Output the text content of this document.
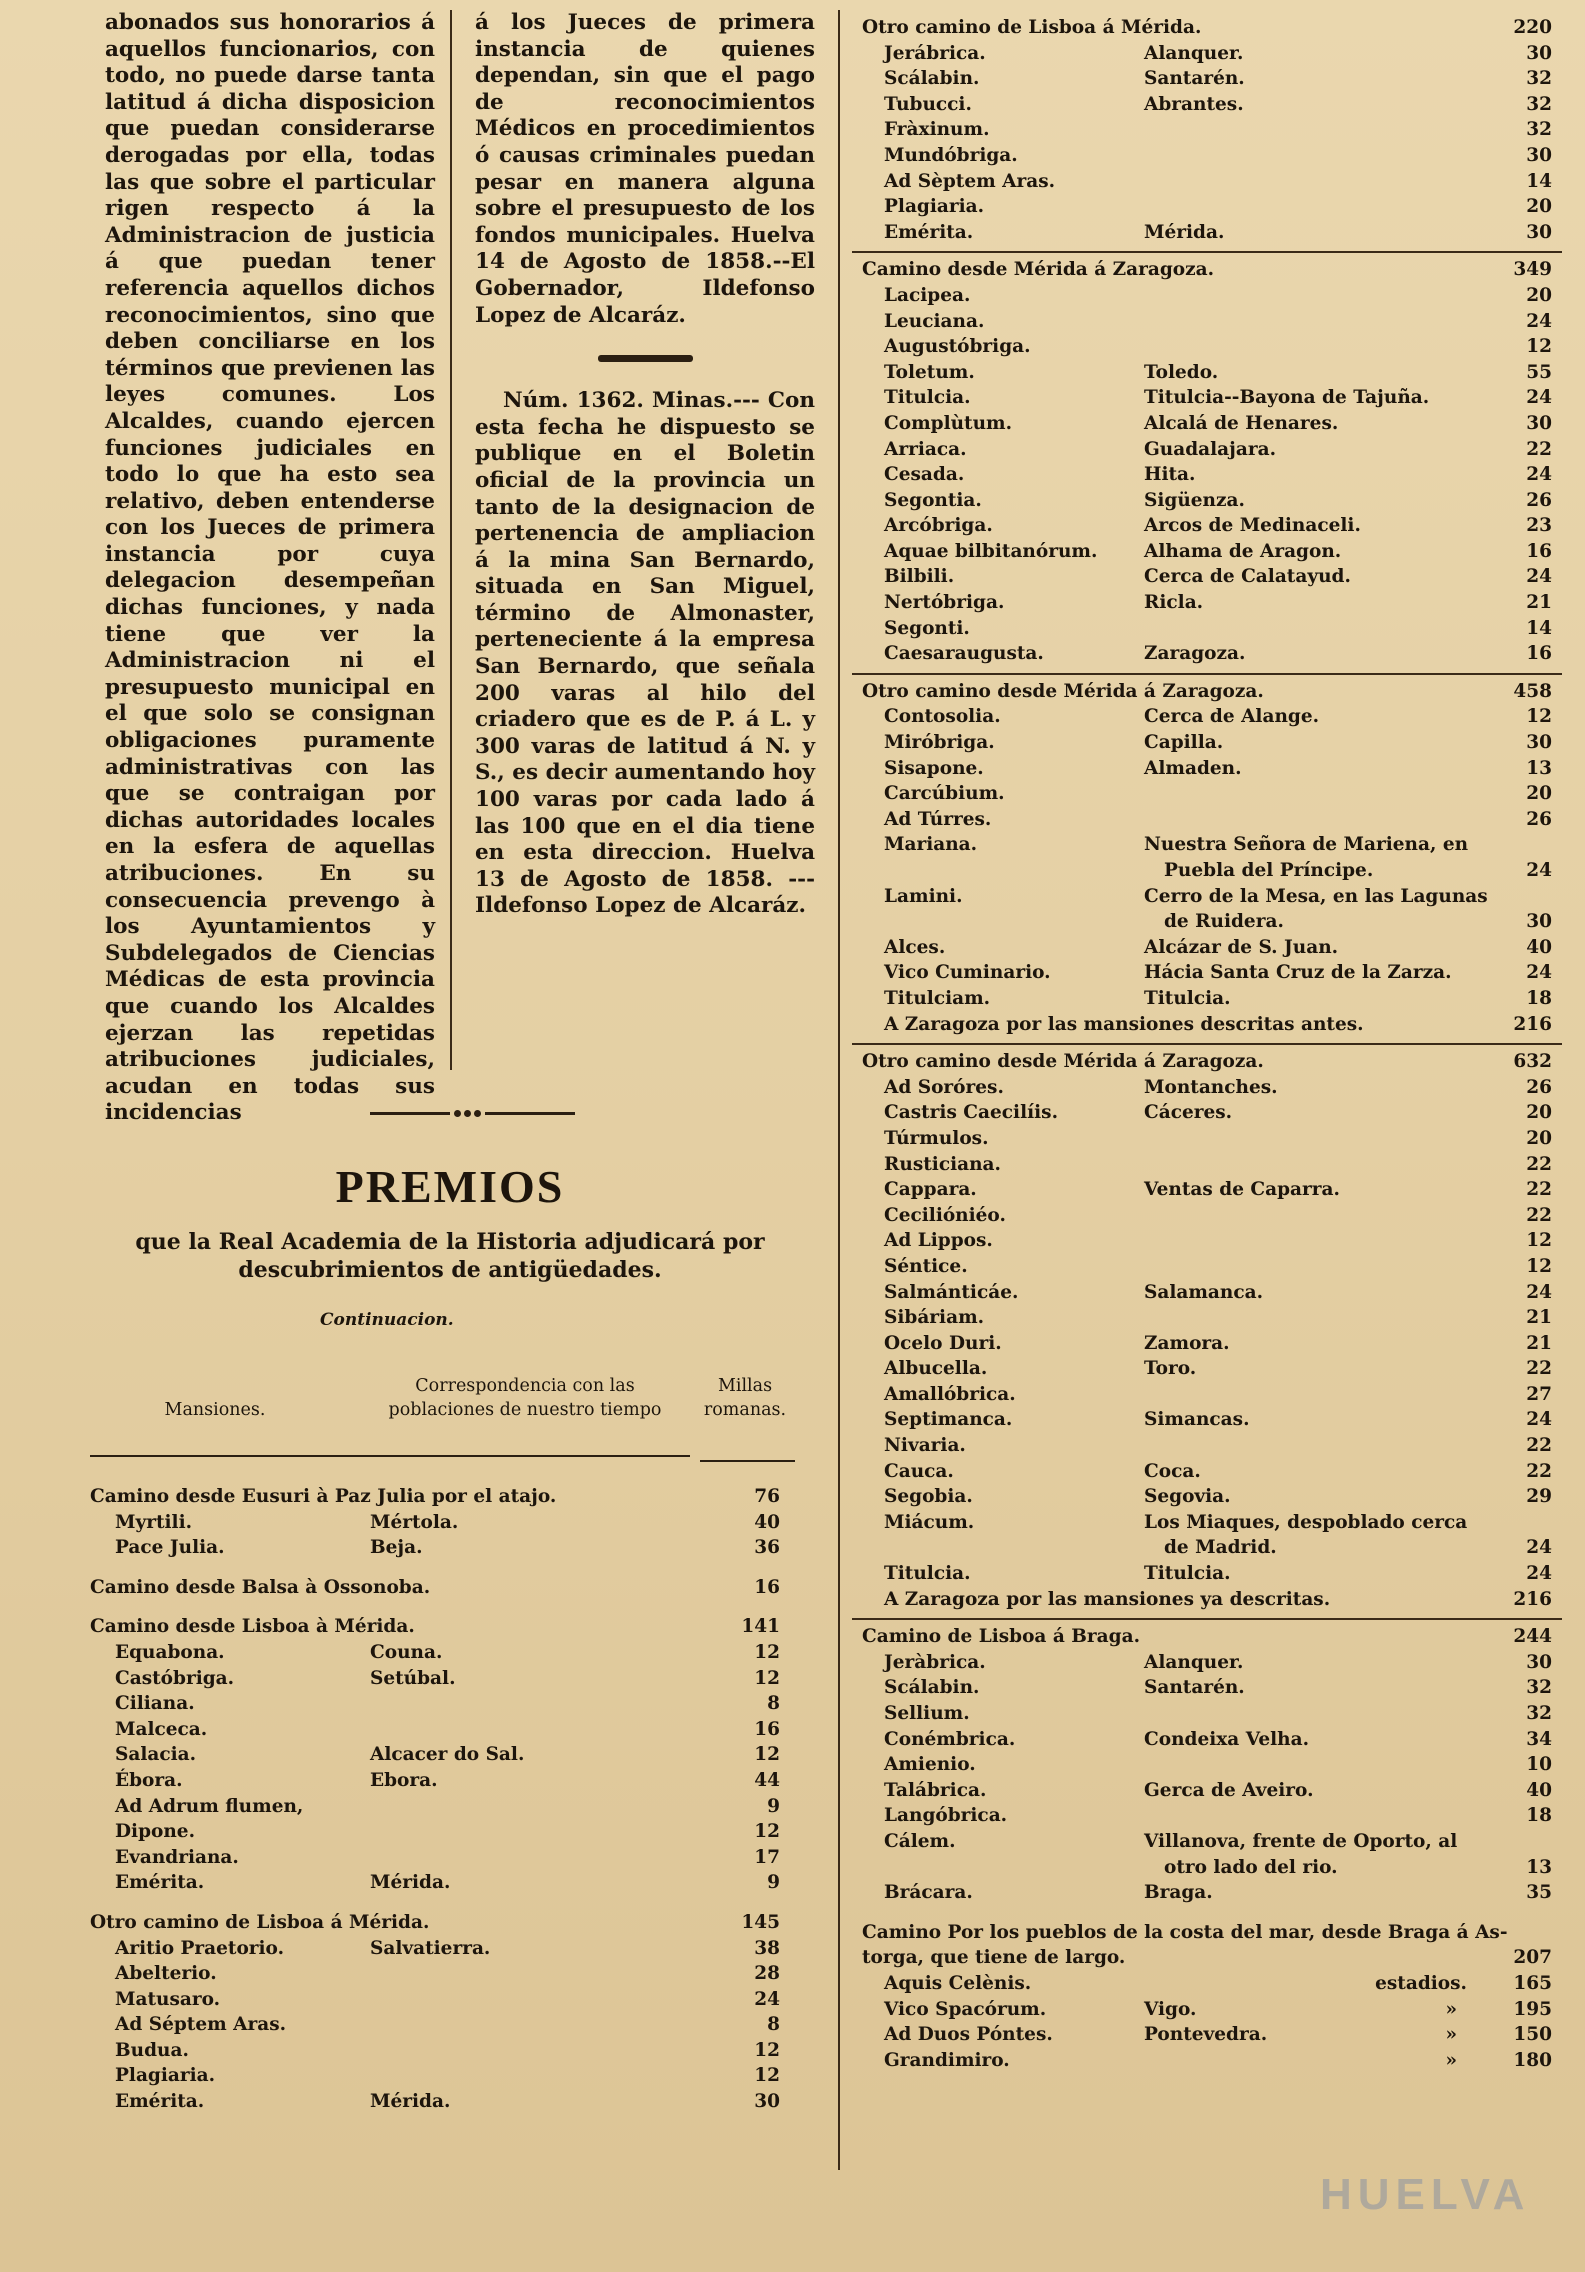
abonados sus honorarios á aquellos funcionarios, con todo, no puede darse tanta latitud á dicha disposicion que puedan considerarse derogadas por ella, todas las que sobre el particular rigen respecto á la Administracion de justicia á que puedan tener referencia aquellos dichos reconocimientos, sino que deben conciliarse en los términos que previenen las leyes comunes. Los Alcaldes, cuando ejercen funciones judiciales en todo lo que ha esto sea relativo, deben entenderse con los Jueces de primera instancia por cuya delegacion desempeñan dichas funciones, y nada tiene que ver la Administracion ni el presupuesto municipal en el que solo se consignan obligaciones puramente administrativas con las que se contraigan por dichas autoridades locales en la esfera de aquellas atribuciones. En su consecuencia prevengo à los Ayuntamientos y Subdelegados de Ciencias Médicas de esta provincia que cuando los Alcaldes ejerzan las repetidas atribuciones judiciales, acudan en todas sus incidencias

á los Jueces de primera instancia de quienes dependan, sin que el pago de reconocimientos Médicos en procedimientos ó causas criminales puedan pesar en manera alguna sobre el presupuesto de los fondos municipales. Huelva 14 de Agosto de 1858.--El Gobernador, Ildefonso Lopez de Alcaráz.

Núm. 1362. Minas.--- Con esta fecha he dispuesto se publique en el Boletin oficial de la provincia un tanto de la designacion de pertenencia de ampliacion á la mina San Bernardo, situada en San Miguel, término de Almonaster, perteneciente á la empresa San Bernardo, que señala 200 varas al hilo del criadero que es de P. á L. y 300 varas de latitud á N. y S., es decir aumentando hoy 100 varas por cada lado á las 100 que en el dia tiene en esta direccion. Huelva 13 de Agosto de 1858. ---Ildefonso Lopez de Alcaráz.

PREMIOS
que la Real Academia de la Historia adjudicará por descubrimientos de antigüedades.
Continuacion.
Mansiones.
Correspondencia con las poblaciones de nuestro tiempo
Millas romanas.
Camino desde Eusuri à Paz Julia por el atajo.	76
Myrtili.	Mértola.	40
Pace Julia.	Beja.	36
Camino desde Balsa à Ossonoba.	16
Camino desde Lisboa à Mérida.	141
Equabona.	Couna.	12
Castóbriga.	Setúbal.	12
Ciliana.	8
Malceca.	16
Salacia.	Alcacer do Sal.	12
Ébora.	Ebora.	44
Ad Adrum flumen,	9
Dipone.	12
Evandriana.	17
Emérita.	Mérida.	9
Otro camino de Lisboa á Mérida.	145
Aritio Praetorio.	Salvatierra.	38
Abelterio.	28
Matusaro.	24
Ad Séptem Aras.	8
Budua.	12
Plagiaria.	12
Emérita.	Mérida.	30
Otro camino de Lisboa á Mérida.	220
Jerábrica.	Alanquer.	30
Scálabin.	Santarén.	32
Tubucci.	Abrantes.	32
Fràxinum.	32
Mundóbriga.	30
Ad Sèptem Aras.	14
Plagiaria.	20
Emérita.	Mérida.	30
Camino desde Mérida á Zaragoza.	349
Lacipea.	20
Leuciana.	24
Augustóbriga.	12
Toletum.	Toledo.	55
Titulcia.	Titulcia--Bayona de Tajuña.	24
Complùtum.	Alcalá de Henares.	30
Arriaca.	Guadalajara.	22
Cesada.	Hita.	24
Segontia.	Sigüenza.	26
Arcóbriga.	Arcos de Medinaceli.	23
Aquae bilbitanórum.	Alhama de Aragon.	16
Bilbili.	Cerca de Calatayud.	24
Nertóbriga.	Ricla.	21
Segonti.	14
Caesaraugusta.	Zaragoza.	16
Otro camino desde Mérida á Zaragoza.	458
Contosolia.	Cerca de Alange.	12
Miróbriga.	Capilla.	30
Sisapone.	Almaden.	13
Carcúbium.	20
Ad Túrres.	26
Mariana.	Nuestra Señora de Mariena, en
Puebla del Príncipe.	24
Lamini.	Cerro de la Mesa, en las Lagunas
de Ruidera.	30
Alces.	Alcázar de S. Juan.	40
Vico Cuminario.	Hácia Santa Cruz de la Zarza.	24
Titulciam.	Titulcia.	18
A Zaragoza por las mansiones descritas antes.	216
Otro camino desde Mérida á Zaragoza.	632
Ad Soróres.	Montanches.	26
Castris Caecilíis.	Cáceres.	20
Túrmulos.	20
Rusticiana.	22
Cappara.	Ventas de Caparra.	22
Cecilióniéo.	22
Ad Lippos.	12
Séntice.	12
Salmánticáe.	Salamanca.	24
Sibáriam.	21
Ocelo Duri.	Zamora.	21
Albucella.	Toro.	22
Amallóbrica.	27
Septimanca.	Simancas.	24
Nivaria.	22
Cauca.	Coca.	22
Segobia.	Segovia.	29
Miácum.	Los Miaques, despoblado cerca
de Madrid.	24
Titulcia.	Titulcia.	24
A Zaragoza por las mansiones ya descritas.	216
Camino de Lisboa á Braga.	244
Jeràbrica.	Alanquer.	30
Scálabin.	Santarén.	32
Sellium.	32
Conémbrica.	Condeixa Velha.	34
Amienio.	10
Talábrica.	Gerca de Aveiro.	40
Langóbrica.	18
Cálem.	Villanova, frente de Oporto, al
otro lado del rio.	13
Brácara.	Braga.	35
Camino Por los pueblos de la costa del mar, desde Braga á As-
torga, que tiene de largo.	207
Aquis Celènis.	estadios.	165
Vico Spacórum.	Vigo.	»	195
Ad Duos Póntes.	Pontevedra.	»	150
Grandimiro.	»	180
HUELVA
